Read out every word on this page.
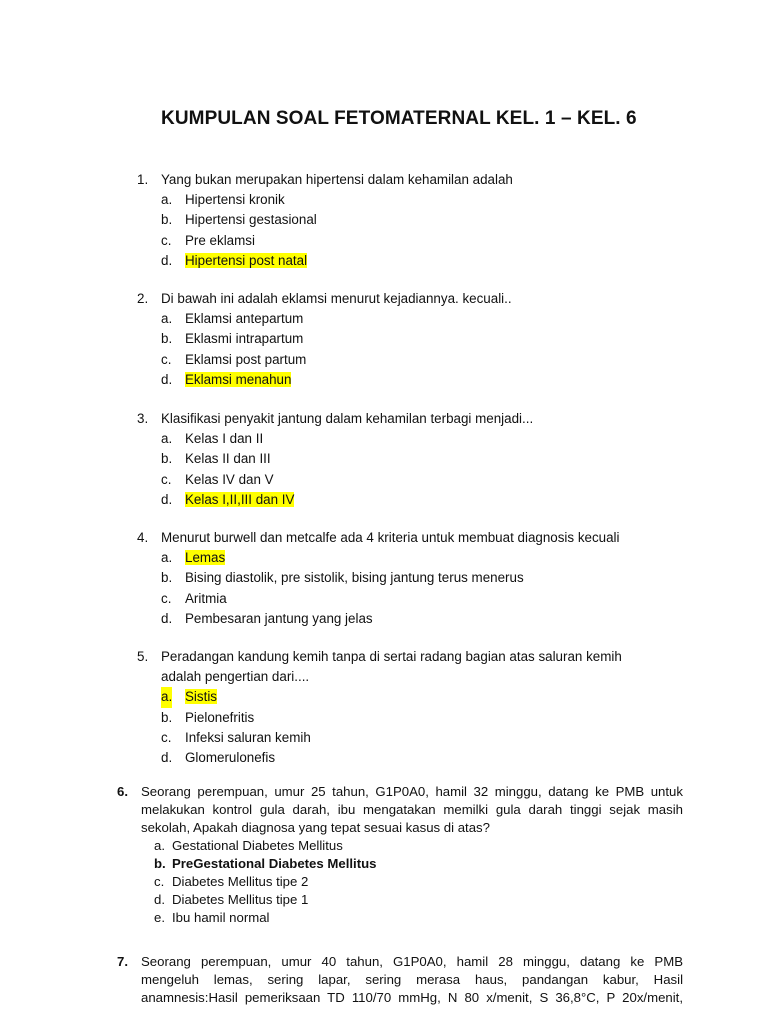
KUMPULAN SOAL FETOMATERNAL KEL. 1 – KEL. 6
1. Yang bukan merupakan hipertensi dalam kehamilan adalah
a. Hipertensi kronik
b. Hipertensi gestasional
c. Pre eklamsi
d. Hipertensi post natal
2. Di bawah ini adalah eklamsi menurut kejadiannya. kecuali..
a. Eklamsi antepartum
b. Eklasmi intrapartum
c. Eklamsi post partum
d. Eklamsi menahun
3. Klasifikasi penyakit jantung dalam kehamilan terbagi menjadi...
a. Kelas I dan II
b. Kelas II dan III
c. Kelas IV dan V
d. Kelas I,II,III dan IV
4. Menurut burwell dan metcalfe ada 4 kriteria untuk membuat diagnosis kecuali
a. Lemas
b. Bising diastolik, pre sistolik, bising jantung terus menerus
c. Aritmia
d. Pembesaran jantung yang jelas
5. Peradangan kandung kemih tanpa di sertai radang bagian atas saluran kemih
adalah pengertian dari....
a. Sistis
b. Pielonefritis
c. Infeksi saluran kemih
d. Glomerulonefis
6. Seorang perempuan, umur 25 tahun, G1P0A0, hamil 32 minggu, datang ke PMB untuk
melakukan kontrol gula darah, ibu mengatakan memilki gula darah tinggi sejak masih
sekolah, Apakah diagnosa yang tepat sesuai kasus di atas?
a. Gestational Diabetes Mellitus
b. PreGestational Diabetes Mellitus
c. Diabetes Mellitus tipe 2
d. Diabetes Mellitus tipe 1
e. Ibu hamil normal
7. Seorang perempuan, umur 40 tahun, G1P0A0, hamil 28 minggu, datang ke PMB
mengeluh lemas, sering lapar, sering merasa haus, pandangan kabur, Hasil
anamnesis:Hasil pemeriksaan TD 110/70 mmHg, N 80 x/menit, S 36,8°C, P 20x/menit,
